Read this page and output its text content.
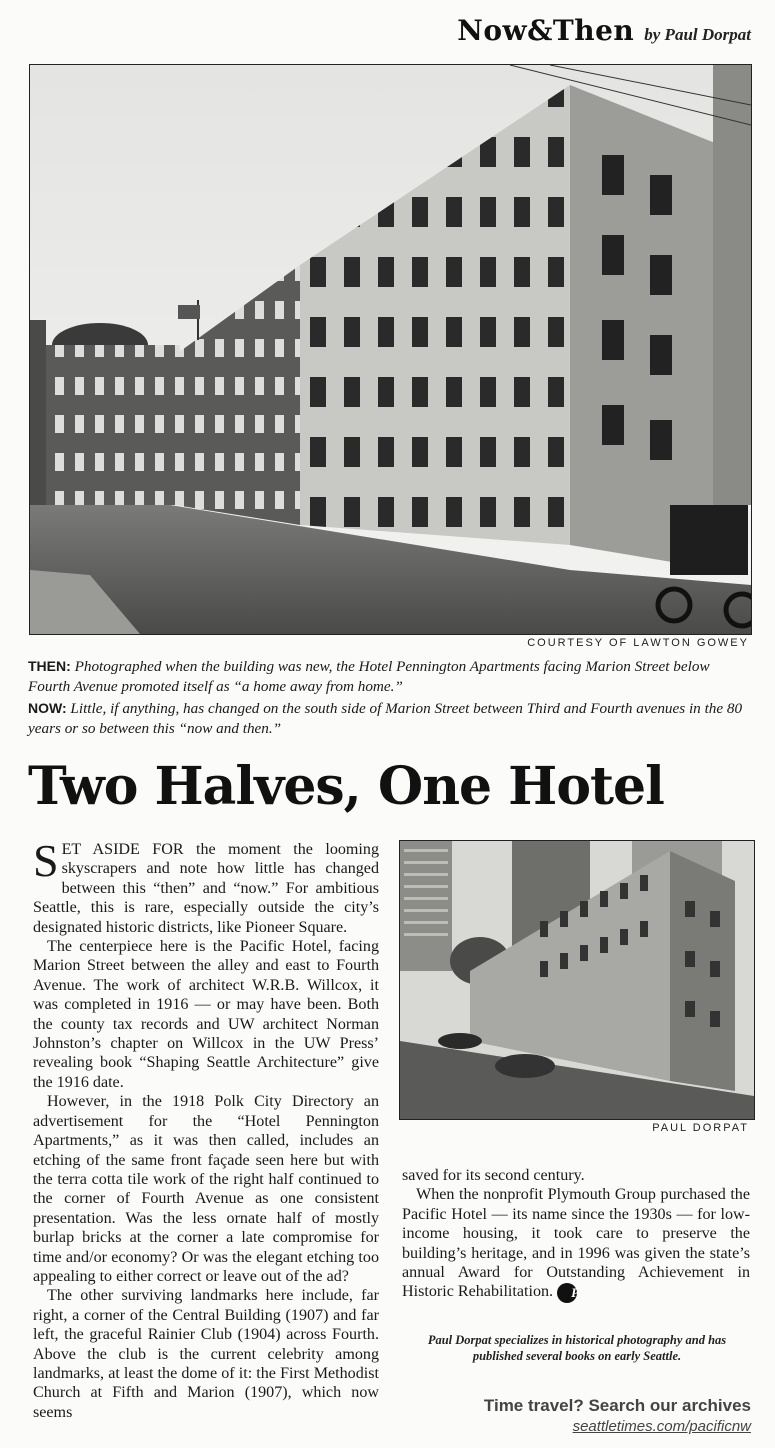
Now&Then by Paul Dorpat
COURTESY OF LAWTON GOWEY
THEN: Photographed when the building was new, the Hotel Pennington Apartments facing Marion Street below Fourth Avenue promoted itself as “a home away from home.”
NOW: Little, if anything, has changed on the south side of Marion Street between Third and Fourth avenues in the 80 years or so between this “now and then.”
Two Halves, One Hotel

SET ASIDE FOR the moment the looming skyscrapers and note how little has changed between this “then” and “now.” For ambitious Seattle, this is rare, especially outside the city’s designated historic districts, like Pioneer Square.

The centerpiece here is the Pacific Hotel, facing Marion Street between the alley and east to Fourth Avenue. The work of architect W.R.B. Willcox, it was completed in 1916 — or may have been. Both the county tax records and UW architect Norman Johnston’s chapter on Willcox in the UW Press’ revealing book “Shaping Seattle Architecture” give the 1916 date.

However, in the 1918 Polk City Directory an advertisement for the “Hotel Pennington Apartments,” as it was then called, includes an etching of the same front façade seen here but with the terra cotta tile work of the right half continued to the corner of Fourth Avenue as one consistent presentation. Was the less ornate half of mostly burlap bricks at the corner a late compromise for time and/or economy? Or was the elegant etching too appealing to either correct or leave out of the ad?

The other surviving landmarks here include, far right, a corner of the Central Building (1907) and far left, the graceful Rainier Club (1904) across Fourth. Above the club is the current celebrity among landmarks, at least the dome of it: the First Methodist Church at Fifth and Marion (1907), which now seems

PAUL DORPAT

saved for its second century.

When the nonprofit Plymouth Group purchased the Pacific Hotel — its name since the 1930s — for low-income housing, it took care to preserve the building’s heritage, and in 1996 was given the state’s annual Award for Outstanding Achievement in Historic Rehabilitation. P

Paul Dorpat specializes in historical photography and has published several books on early Seattle.
Time travel? Search our archives
seattletimes.com/pacificnw
